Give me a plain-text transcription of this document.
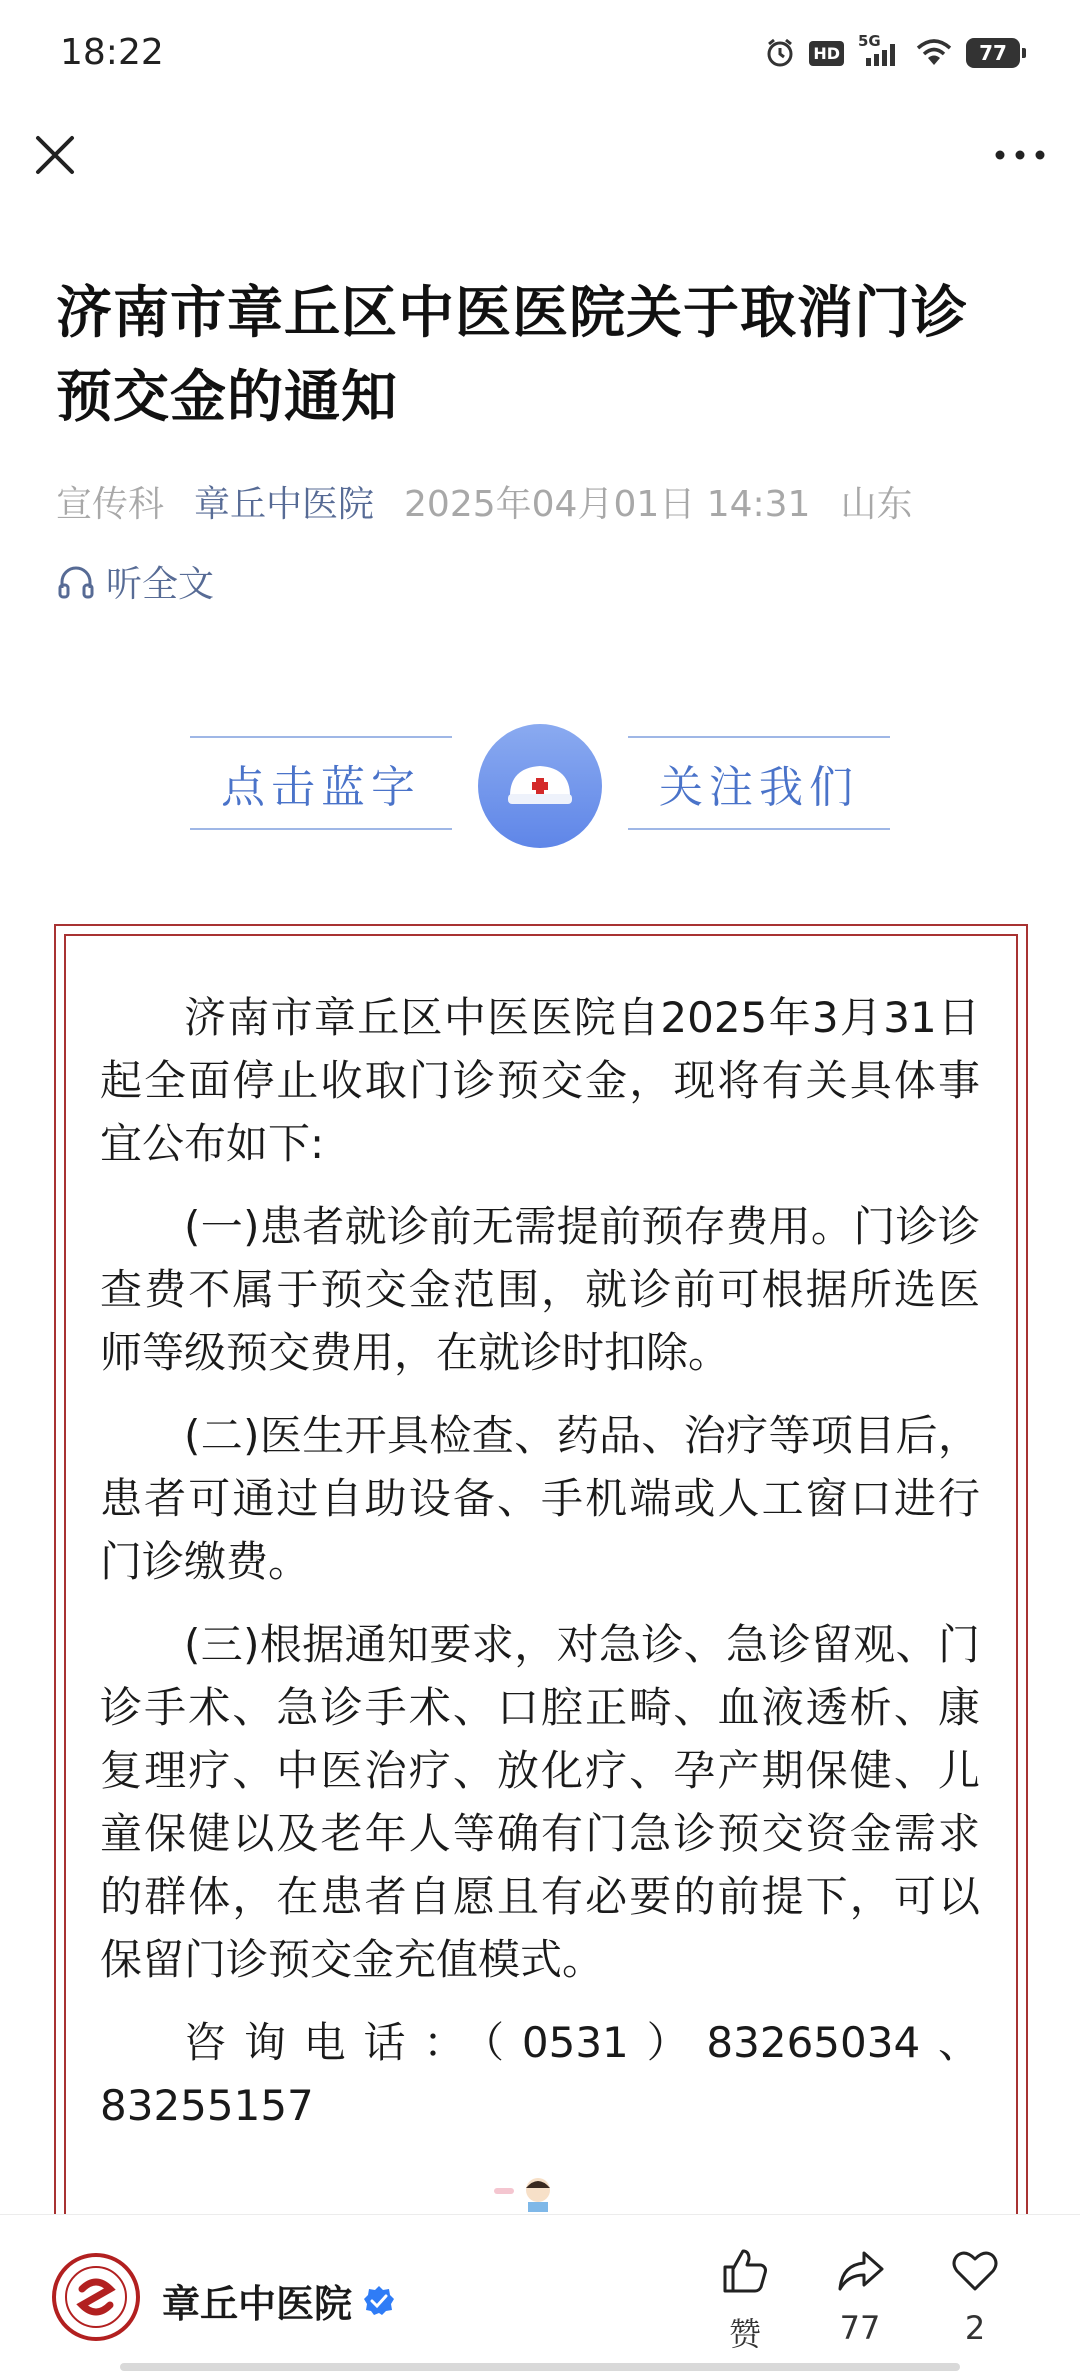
18:22	HD
5G	77
济南市章丘区中医医院关于取消门诊预交金的通知
宣传科 章丘中医院 2025年04月01日 14:31 山东
听全文
点击蓝字	关注我们

济南市章丘区中医医院自2025年3月31日起全面停止收取门诊预交金，现将有关具体事宜公布如下:

(一)患者就诊前无需提前预存费用。门诊诊查费不属于预交金范围，就诊前可根据所选医师等级预交费用，在就诊时扣除。

(二)医生开具检查、药品、治疗等项目后，患者可通过自助设备、手机端或人工窗口进行门诊缴费。

(三)根据通知要求，对急诊、急诊留观、门诊手术、急诊手术、口腔正畸、血液透析、康复理疗、中医治疗、放化疗、孕产期保健、儿童保健以及老年人等确有门急诊预交资金需求的群体，在患者自愿且有必要的前提下，可以保留门诊预交金充值模式。

咨询电话：（0531）83265034、83255157

章丘中医院
赞 77	2
